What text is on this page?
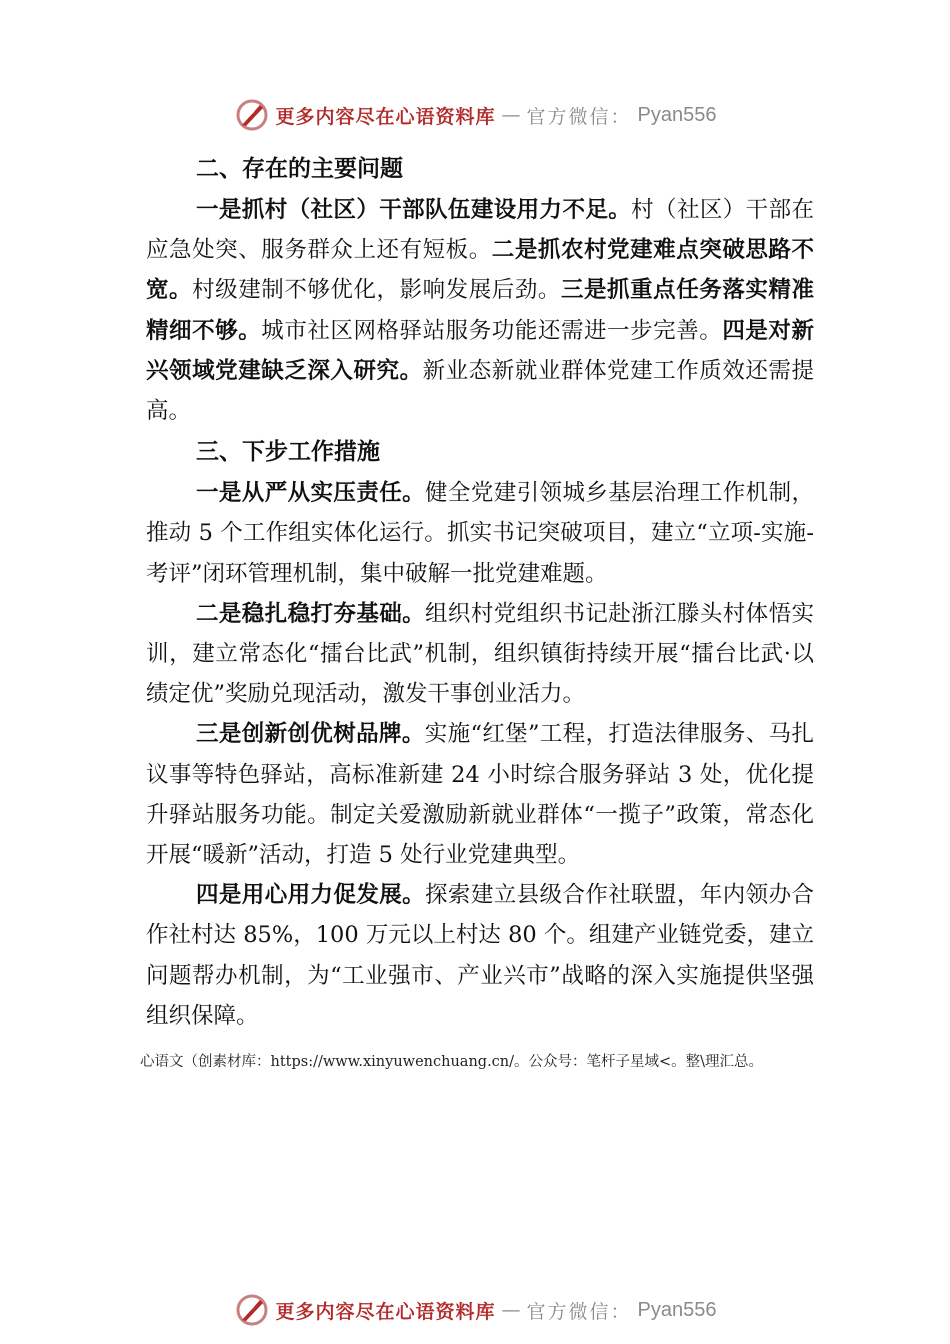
更多内容尽在心语资料库 — 官方微信： Pyan556
二、存在的主要问题

一是抓村（社区）干部队伍建设用力不足。村（社区）干部在应急处突、服务群众上还有短板。二是抓农村党建难点突破思路不宽。村级建制不够优化，影响发展后劲。三是抓重点任务落实精准精细不够。城市社区网格驿站服务功能还需进一步完善。四是对新兴领域党建缺乏深入研究。新业态新就业群体党建工作质效还需提高。

三、下步工作措施

一是从严从实压责任。健全党建引领城乡基层治理工作机制，推动 5 个工作组实体化运行。抓实书记突破项目，建立“立项-实施-考评”闭环管理机制，集中破解一批党建难题。

二是稳扎稳打夯基础。组织村党组织书记赴浙江滕头村体悟实训，建立常态化“擂台比武”机制，组织镇街持续开展“擂台比武·以绩定优”奖励兑现活动，激发干事创业活力。

三是创新创优树品牌。实施“红堡”工程，打造法律服务、马扎议事等特色驿站，高标准新建 24 小时综合服务驿站 3 处，优化提升驿站服务功能。制定关爱激励新就业群体“一揽子”政策，常态化开展“暖新”活动，打造 5 处行业党建典型。

四是用心用力促发展。探索建立县级合作社联盟，年内领办合作社村达 85%，100 万元以上村达 80 个。组建产业链党委，建立问题帮办机制，为“工业强市、产业兴市”战略的深入实施提供坚强组织保障。

心语文（创素材库：https://www.xinyuwenchuang.cn/。公众号：笔杆子星域<。整\理汇总。
更多内容尽在心语资料库 — 官方微信： Pyan556
